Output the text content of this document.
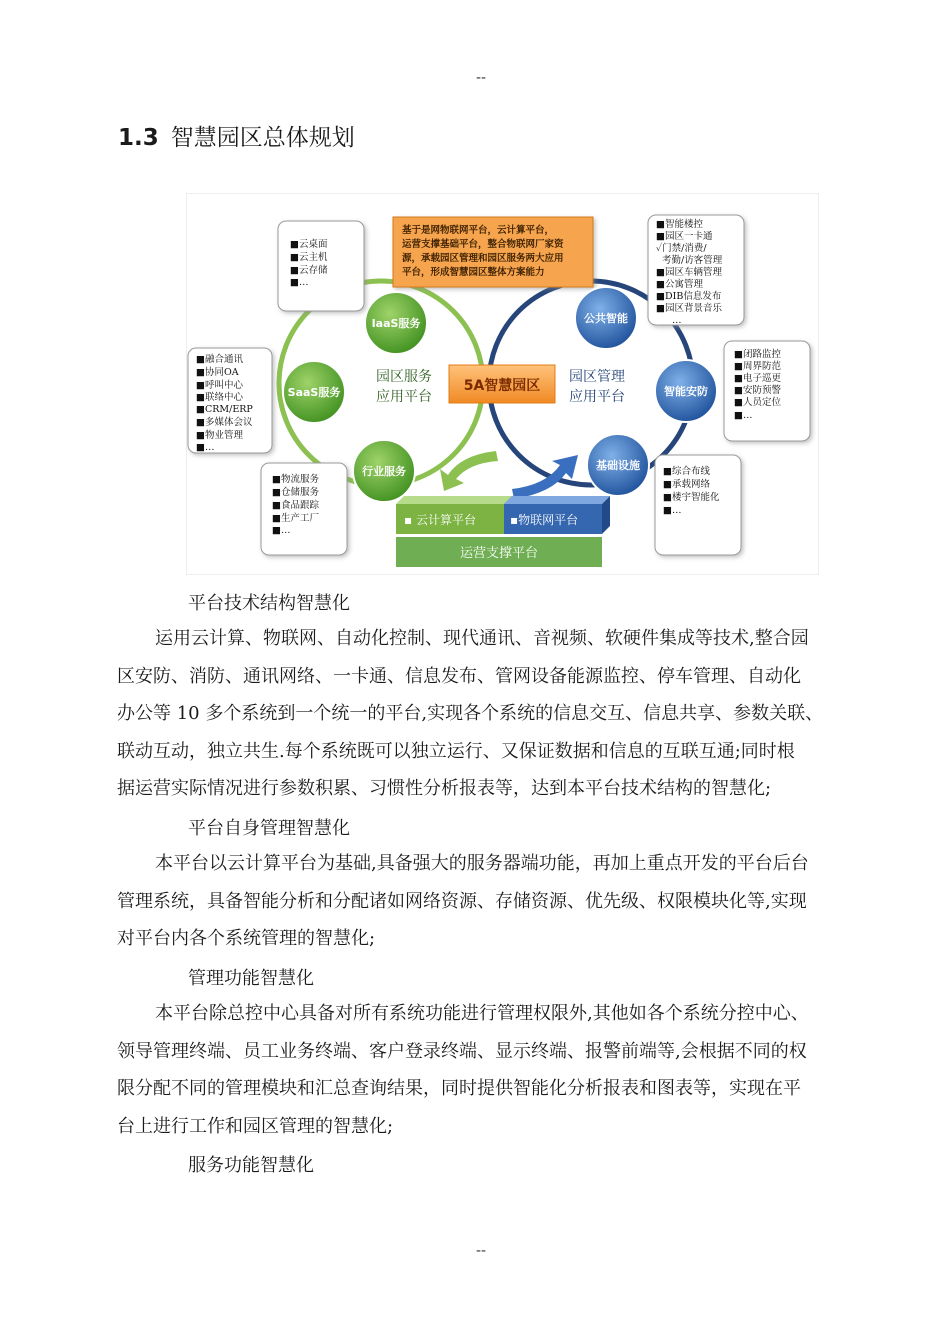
--
1.3 智慧园区总体规划
基于是网物联网平台，云计算平台，
运营支撑基础平台，整合物联网厂家资
源，承载园区管理和园区服务两大应用
平台，形成智慧园区整体方案能力
5A智慧园区
园区服务
应用平台
园区管理
应用平台
IaaS服务
SaaS服务
行业服务
公共智能
智能安防
基础设施
■云桌面
■云主机
■云存储
■…
■融合通讯
■协同OA
■呼叫中心
■联络中心
■CRM/ERP
■多媒体会议
■物业管理
■…
■物流服务
■仓储服务
■食品跟踪
■生产工厂
■…
■智能楼控
■园区一卡通
✓门禁/消费/
考勤/访客管理
■园区车辆管理
■公寓管理
■DIB信息发布
■园区背景音乐
…
■闭路监控
■周界防范
■电子巡更
■安防预警
■人员定位
■…
■综合布线
■承载网络
■楼宇智能化
■…
▪ 云计算平台	▪物联网平台
运营支撑平台
平台技术结构智慧化
运用云计算、物联网、自动化控制、现代通讯、音视频、软硬件集成等技术,整合园
区安防、消防、通讯网络、一卡通、信息发布、管网设备能源监控、停车管理、自动化
办公等 10 多个系统到一个统一的平台,实现各个系统的信息交互、信息共享、参数关联、
联动互动，独立共生.每个系统既可以独立运行、又保证数据和信息的互联互通;同时根
据运营实际情况进行参数积累、习惯性分析报表等，达到本平台技术结构的智慧化;
平台自身管理智慧化
本平台以云计算平台为基础,具备强大的服务器端功能，再加上重点开发的平台后台
管理系统，具备智能分析和分配诸如网络资源、存储资源、优先级、权限模块化等,实现
对平台内各个系统管理的智慧化;
管理功能智慧化
本平台除总控中心具备对所有系统功能进行管理权限外,其他如各个系统分控中心、
领导管理终端、员工业务终端、客户登录终端、显示终端、报警前端等,会根据不同的权
限分配不同的管理模块和汇总查询结果，同时提供智能化分析报表和图表等，实现在平
台上进行工作和园区管理的智慧化;
服务功能智慧化
--
